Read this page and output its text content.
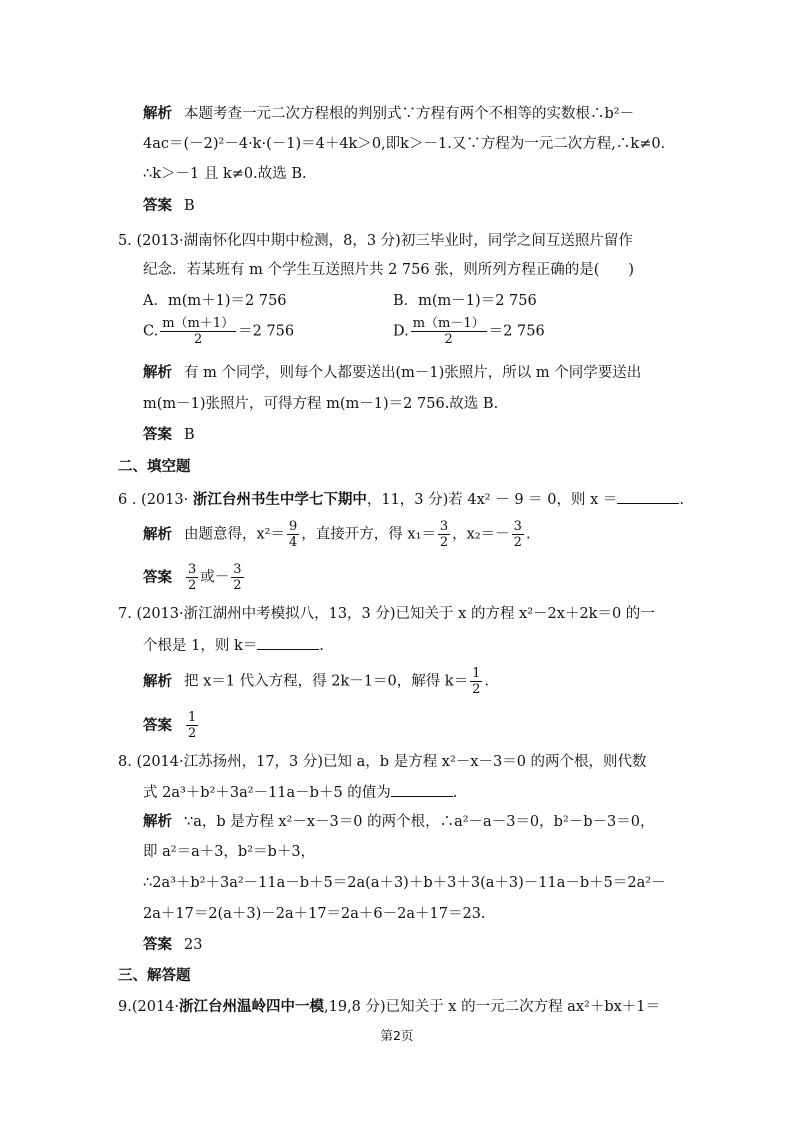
解析 本题考查一元二次方程根的判别式∵方程有两个不相等的实数根∴b²－
4ac＝(－2)²－4·k·(－1)＝4＋4k＞0,即k＞－1.又∵方程为一元二次方程,∴k≠0.
∴k＞－1 且 k≠0.故选 B.
答案 B
5. (2013·湖南怀化四中期中检测，8，3 分)初三毕业时，同学之间互送照片留作
纪念．若某班有 m 个学生互送照片共 2 756 张，则所列方程正确的是(　　)
A．m(m＋1)＝2 756	B．m(m－1)＝2 756
C. $\frac{m(m+1)}{2} =2$ 756	D. $\frac{m(m-1)}{2} =2$ 756
解析 有 m 个同学，则每个人都要送出(m－1)张照片，所以 m 个同学要送出
m(m－1)张照片，可得方程 m(m－1)＝2 756.故选 B.
答案 B
二、填空题
6 . (2013· 浙江台州书生中学七下期中，11，3 分)若 4x² － 9 ＝ 0，则 x ＝	.
解析 由题意得，$x^2= \frac{9}{4}$ ，直接开方，得 $x_1= \frac{3}{2}$ ，$x_2=- \frac{3}{2}$ .
答案 $\frac{3}{2}$ 或－ $\frac{3}{2}$
7. (2013·浙江湖州中考模拟八，13，3 分)已知关于 x 的方程 x²－2x＋2k＝0 的一
个根是 1，则 k＝	.
解析 把 x＝1 代入方程，得 2k－1＝0，解得 $k= \frac{1}{2}$ .
答案 $\frac{1}{2}$
8. (2014·江苏扬州，17，3 分)已知 a，b 是方程 x²－x－3＝0 的两个根，则代数
式 2a³＋b²＋3a²－11a－b＋5 的值为	.
解析 ∵a，b 是方程 x²－x－3＝0 的两个根，∴a²－a－3＝0，b²－b－3＝0，
即 a²＝a＋3，b²＝b＋3，
∴2a³＋b²＋3a²－11a－b＋5＝2a(a＋3)＋b＋3＋3(a＋3)－11a－b＋5＝2a²－
2a＋17＝2(a＋3)－2a＋17＝2a＋6－2a＋17＝23.
答案 23
三、解答题
9.(2014·浙江台州温岭四中一模,19,8 分)已知关于 x 的一元二次方程 ax²＋bx＋1＝
第2页
